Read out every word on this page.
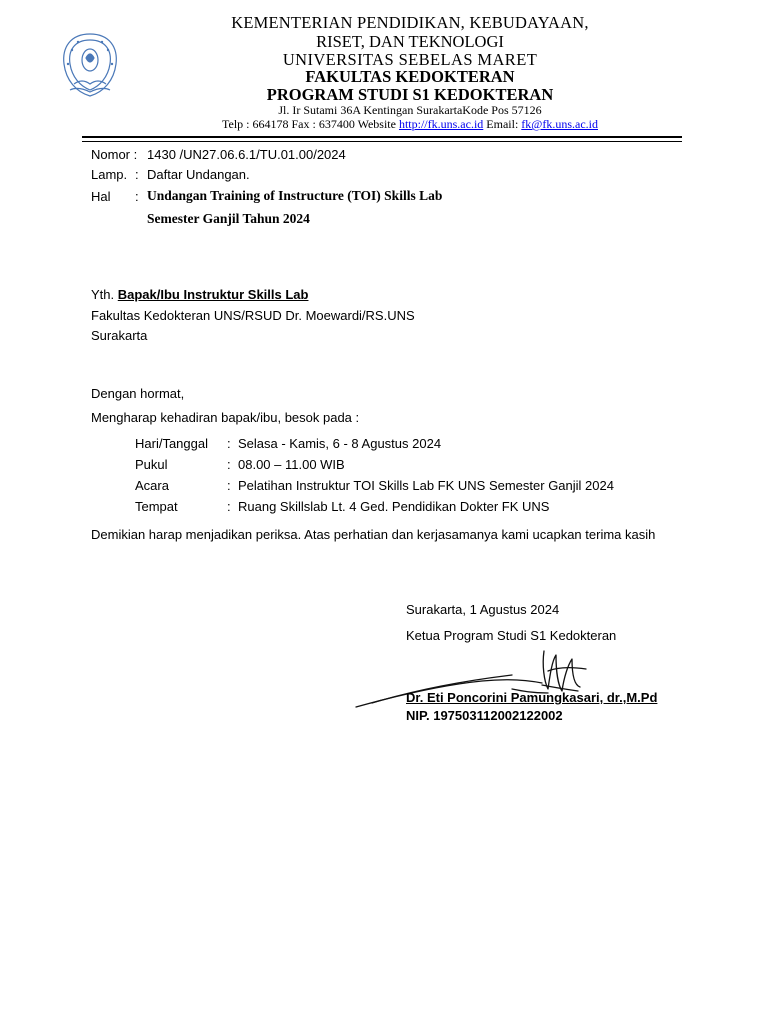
KEMENTERIAN PENDIDIKAN, KEBUDAYAAN,
RISET, DAN TEKNOLOGI
UNIVERSITAS SEBELAS MARET
FAKULTAS KEDOKTERAN
PROGRAM STUDI S1 KEDOKTERAN
Jl. Ir Sutami 36A Kentingan SurakartaKode Pos 57126
Telp : 664178 Fax : 637400 Website http://fk.uns.ac.id Email: fk@fk.uns.ac.id
Nomor : 1430 /UN27.06.6.1/TU.01.00/2024
Lamp. : Daftar Undangan.
Hal : Undangan Training of Instructure (TOI) Skills Lab
Semester Ganjil Tahun 2024
Yth. Bapak/Ibu Instruktur Skills Lab
Fakultas Kedokteran UNS/RSUD Dr. Moewardi/RS.UNS
Surakarta
Dengan hormat,
Mengharap kehadiran bapak/ibu, besok pada :
Hari/Tanggal : Selasa - Kamis, 6 - 8 Agustus 2024
Pukul	: 08.00 – 11.00 WIB
Acara	: Pelatihan Instruktur TOI Skills Lab FK UNS Semester Ganjil 2024
Tempat	: Ruang Skillslab Lt. 4 Ged. Pendidikan Dokter FK UNS
Demikian harap menjadikan periksa. Atas perhatian dan kerjasamanya kami ucapkan terima kasih
Surakarta, 1 Agustus 2024
Ketua Program Studi S1 Kedokteran
Dr. Eti Poncorini Pamungkasari, dr.,M.Pd
NIP. 197503112002122002
